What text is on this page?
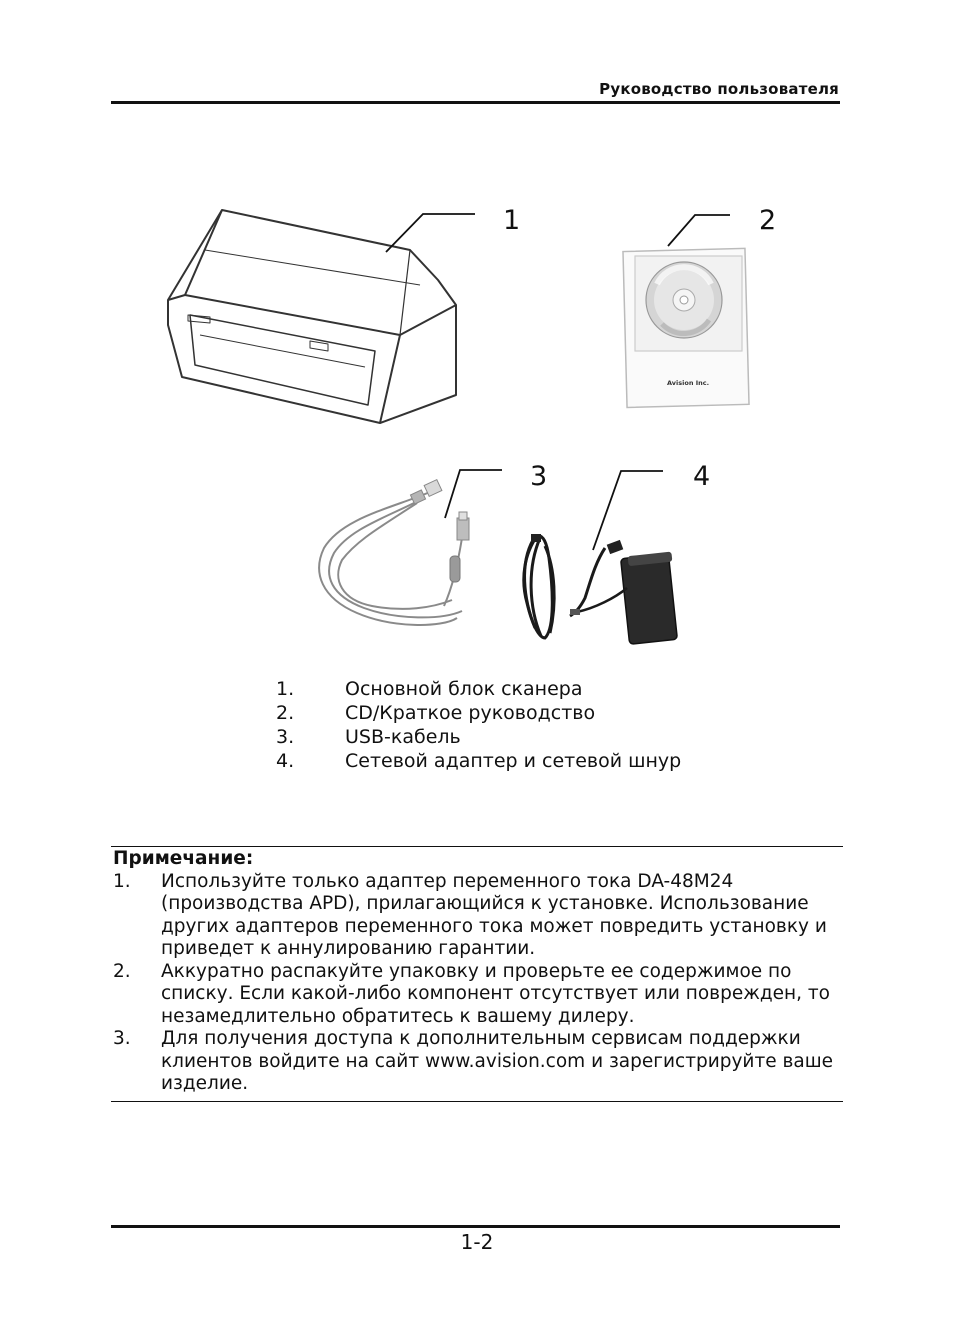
Руководство пользователя
Avision Inc.
1	2
3	4
1.	Основной блок сканера
2.	CD/Краткое руководство
3.	USB-кабель
4.	Сетевой адаптер и сетевой шнур
Примечание:
1.	Используйте только адаптер переменного тока DA-48M24 (производства APD), прилагающийся к установке. Использование других адаптеров переменного тока может повредить установку и приведет к аннулированию гарантии.
2.	Аккуратно распакуйте упаковку и проверьте ее содержимое по списку. Если какой-либо компонент отсутствует или поврежден, то незамедлительно обратитесь к вашему дилеру.
3.	Для получения доступа к дополнительным сервисам поддержки клиентов войдите на сайт www.avision.com и зарегистрируйте ваше изделие.
1-2
